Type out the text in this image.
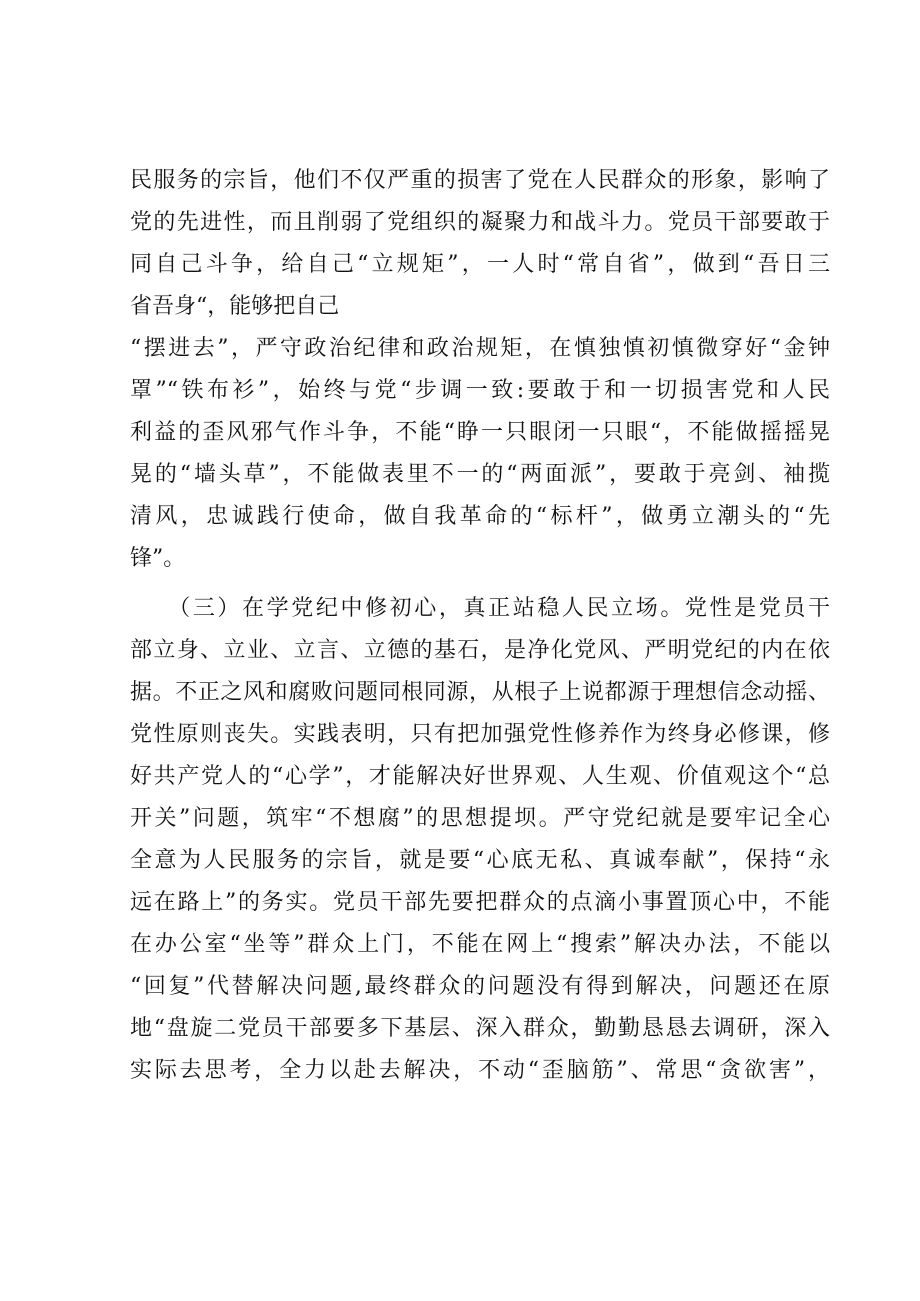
民服务的宗旨，他们不仅严重的损害了党在人民群众的形象，影响了
党的先进性，而且削弱了党组织的凝聚力和战斗力。党员干部要敢于
同自己斗争，给自己“立规矩”，一人时“常自省”，做到“吾日三
省吾身“，能够把自己
“摆进去”，严守政治纪律和政治规矩，在慎独慎初慎微穿好“金钟
罩”“铁布衫”，始终与党“步调一致:要敢于和一切损害党和人民
利益的歪风邪气作斗争，不能“睁一只眼闭一只眼“，不能做摇摇晃
晃的“墙头草”，不能做表里不一的“两面派”，要敢于亮剑、袖揽
清风，忠诚践行使命，做自我革命的“标杆”，做勇立潮头的“先
锋”。
　　（三）在学党纪中修初心，真正站稳人民立场。党性是党员干
部立身、立业、立言、立德的基石，是净化党风、严明党纪的内在依
据。不正之风和腐败问题同根同源，从根子上说都源于理想信念动摇、
党性原则丧失。实践表明，只有把加强党性修养作为终身必修课，修
好共产党人的“心学”，才能解决好世界观、人生观、价值观这个“总
开关”问题，筑牢“不想腐”的思想提坝。严守党纪就是要牢记全心
全意为人民服务的宗旨，就是要“心底无私、真诚奉献”，保持“永
远在路上”的务实。党员干部先要把群众的点滴小事置顶心中，不能
在办公室“坐等”群众上门，不能在网上“搜索”解决办法，不能以
“回复”代替解决问题,最终群众的问题没有得到解决，问题还在原
地“盘旋二党员干部要多下基层、深入群众，勤勤恳恳去调研，深入
实际去思考，全力以赴去解决，不动“歪脑筋”、常思“贪欲害”，
